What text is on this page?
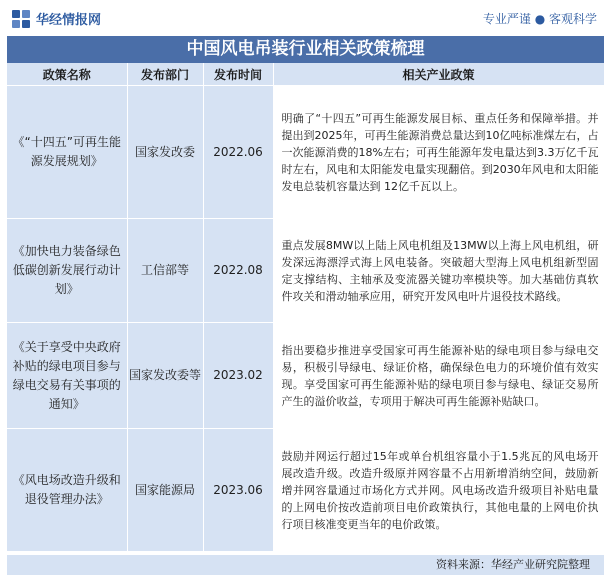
华经情报网	专业严谨 ● 客观科学
中国风电吊装行业相关政策梳理
政策名称	发布部门	发布时间	相关产业政策
《“十四五”可再生能源发展规划》	国家发改委	2022.06	明确了“十四五”可再生能源发展目标、重点任务和保障举措。并提出到2025年，可再生能源消费总量达到10亿吨标准煤左右，占一次能源消费的18%左右；可再生能源年发电量达到3.3万亿千瓦时左右，风电和太阳能发电量实现翻倍。到2030年风电和太阳能发电总装机容量达到 12亿千瓦以上。
《加快电力装备绿色低碳创新发展行动计划》	工信部等	2022.08	重点发展8MW以上陆上风电机组及13MW以上海上风电机组，研发深远海漂浮式海上风电装备。突破超大型海上风电机组新型固定支撑结构、主轴承及变流器关键功率模块等。加大基础仿真软件攻关和滑动轴承应用，研究开发风电叶片退役技术路线。
《关于享受中央政府补贴的绿电项目参与绿电交易有关事项的通知》	国家发改委等	2023.02	指出要稳步推进享受国家可再生能源补贴的绿电项目参与绿电交易，积极引导绿电、绿证价格，确保绿色电力的环境价值有效实现。享受国家可再生能源补贴的绿电项目参与绿电、绿证交易所产生的溢价收益，专项用于解决可再生能源补贴缺口。
《风电场改造升级和退役管理办法》	国家能源局	2023.06	鼓励并网运行超过15年或单台机组容量小于1.5兆瓦的风电场开展改造升级。改造升级原并网容量不占用新增消纳空间，鼓励新增并网容量通过市场化方式并网。风电场改造升级项目补贴电量的上网电价按改造前项目电价政策执行，其他电量的上网电价执行项目核准变更当年的电价政策。
资料来源：华经产业研究院整理
